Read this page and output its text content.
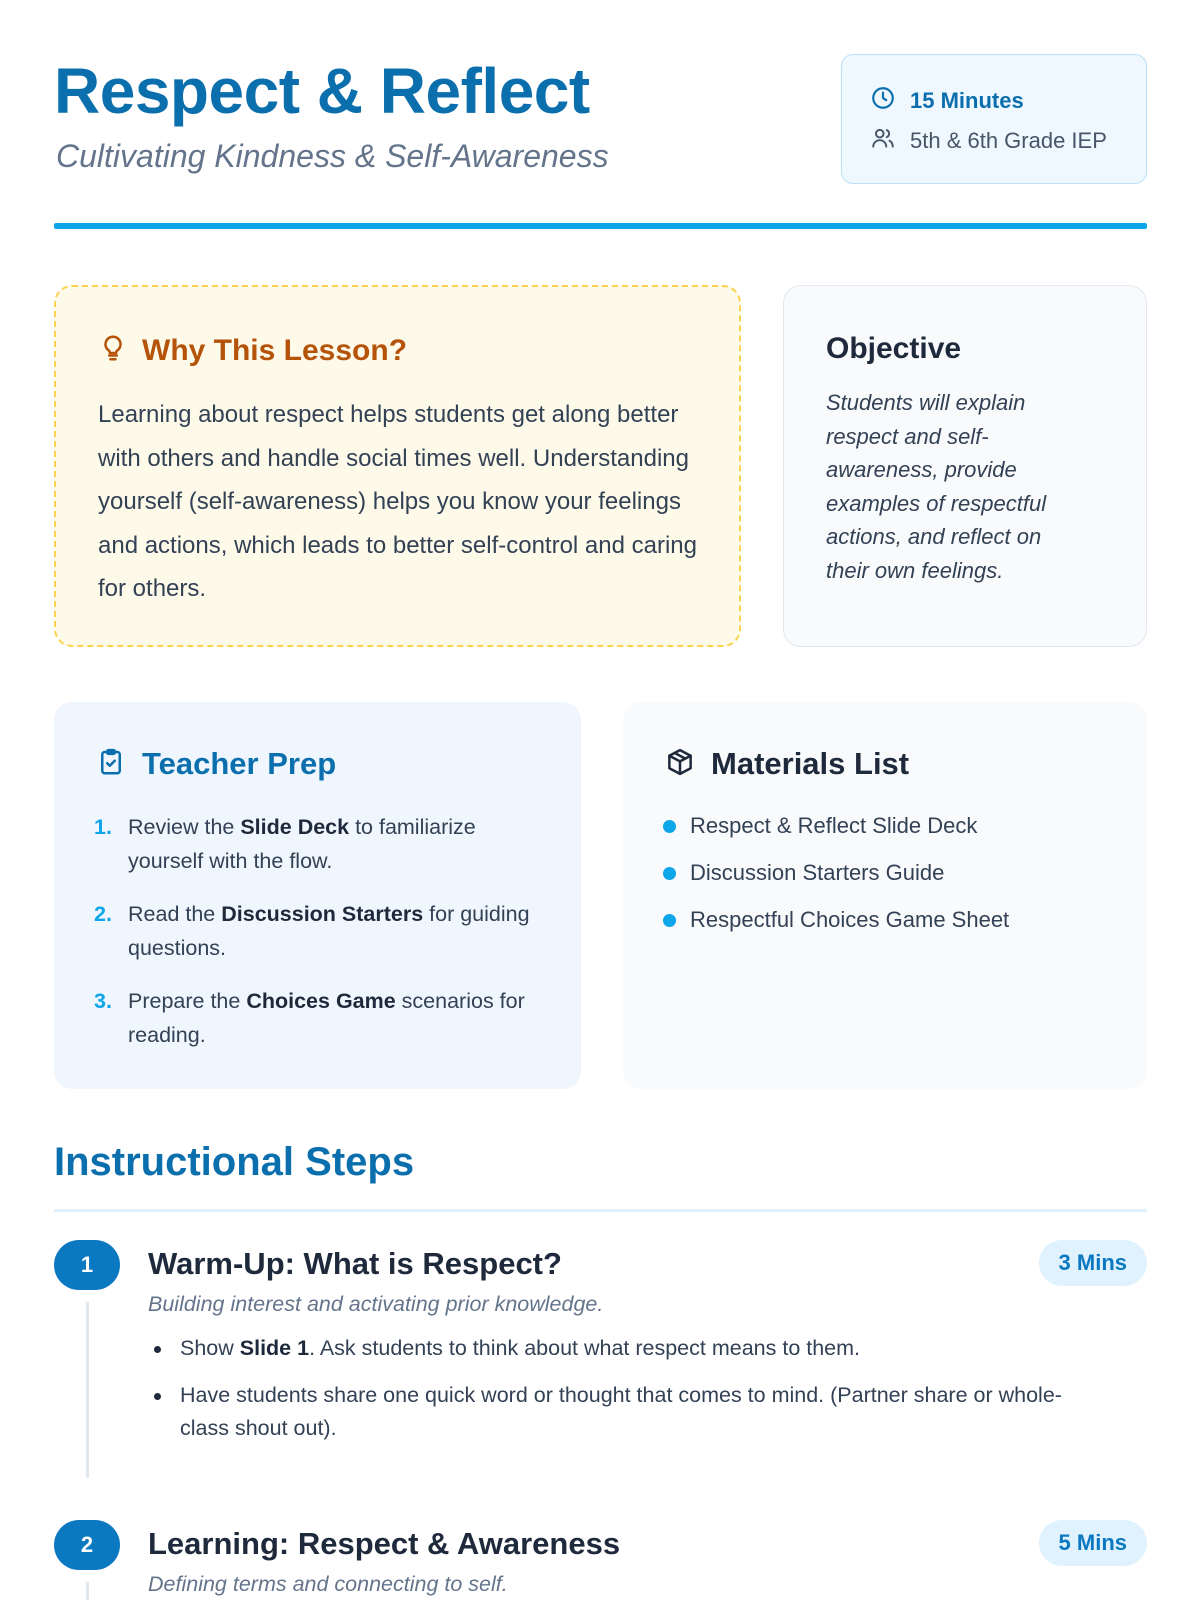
Respect & Reflect
Cultivating Kindness & Self-Awareness
15 Minutes
5th & 6th Grade IEP
Why This Lesson?
Learning about respect helps students get along better with others and handle social times well. Understanding yourself (self-awareness) helps you know your feelings and actions, which leads to better self-control and caring for others.
Objective
Students will explain respect and self-awareness, provide examples of respectful actions, and reflect on their own feelings.
Teacher Prep
1. Review the Slide Deck to familiarize yourself with the flow.
2. Read the Discussion Starters for guiding questions.
3. Prepare the Choices Game scenarios for reading.
Materials List
Respect & Reflect Slide Deck
Discussion Starters Guide
Respectful Choices Game Sheet
Instructional Steps
1	Warm-Up: What is Respect?	3 Mins
Building interest and activating prior knowledge.
Show Slide 1. Ask students to think about what respect means to them.
Have students share one quick word or thought that comes to mind. (Partner share or whole-class shout out).
2	Learning: Respect & Awareness	5 Mins
Defining terms and connecting to self.
